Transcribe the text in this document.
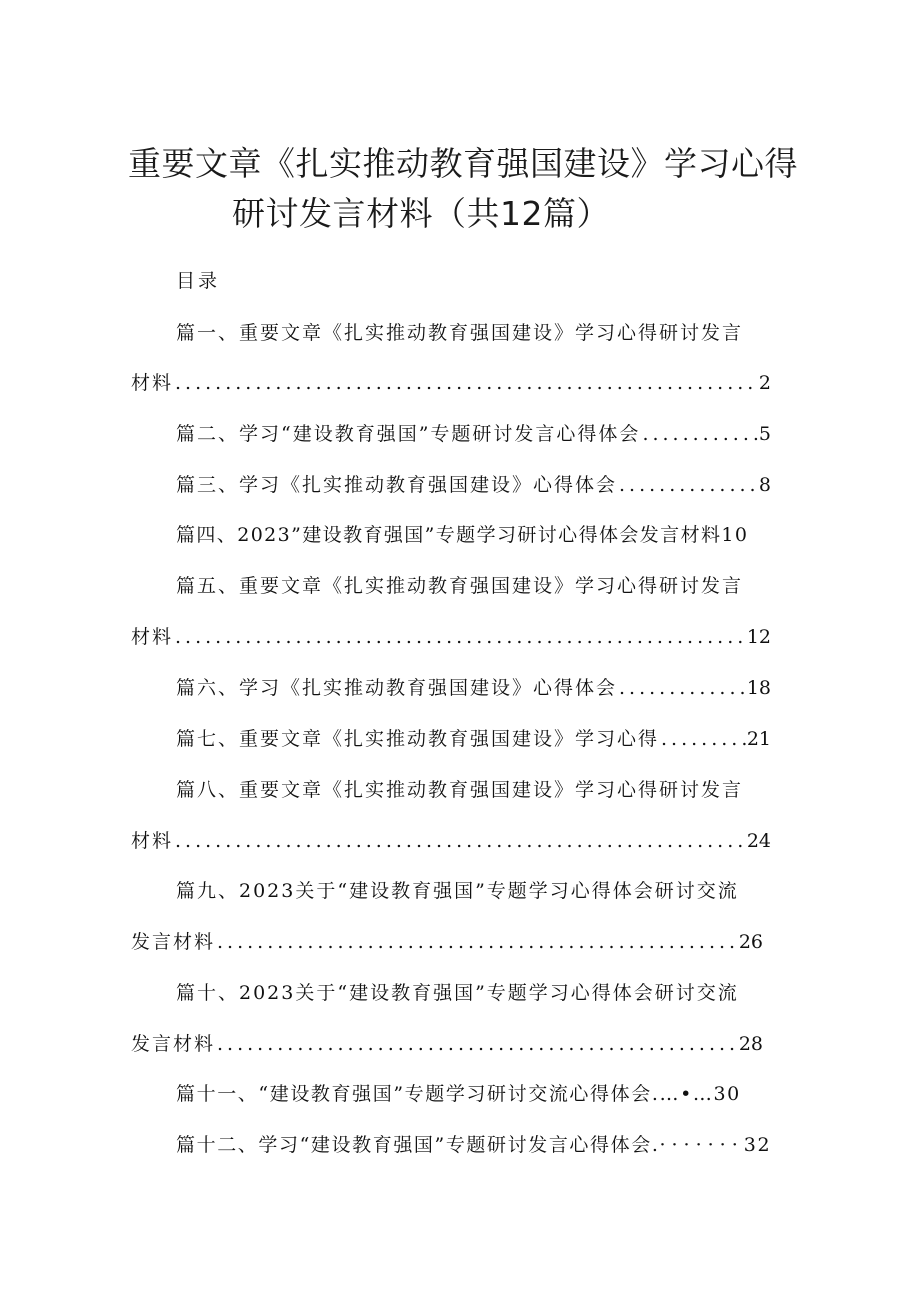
重要文章《扎实推动教育强国建设》学习心得
研讨发言材料（共12篇）
目录
篇一、重要文章《扎实推动教育强国建设》学习心得研讨发言
材料 .....	2
篇二、学习“建设教育强国”专题研讨发言心得体会 .....	5
篇三、学习《扎实推动教育强国建设》心得体会 .....	8
篇四、2023”建设教育强国”专题学习研讨心得体会发言材料10
篇五、重要文章《扎实推动教育强国建设》学习心得研讨发言
材料 .....	12
篇六、学习《扎实推动教育强国建设》心得体会 .....	18
篇七、重要文章《扎实推动教育强国建设》学习心得 .....	21
篇八、重要文章《扎实推动教育强国建设》学习心得研讨发言
材料 .....	24
篇九、2023关于“建设教育强国”专题学习心得体会研讨交流
发言材料 .....	26
篇十、2023关于“建设教育强国”专题学习心得体会研讨交流
发言材料 .....	28
篇十一、“建设教育强国”专题学习研讨交流心得体会.…•…30
篇十二、学习“建设教育强国”专题研讨发言心得体会.·······32
